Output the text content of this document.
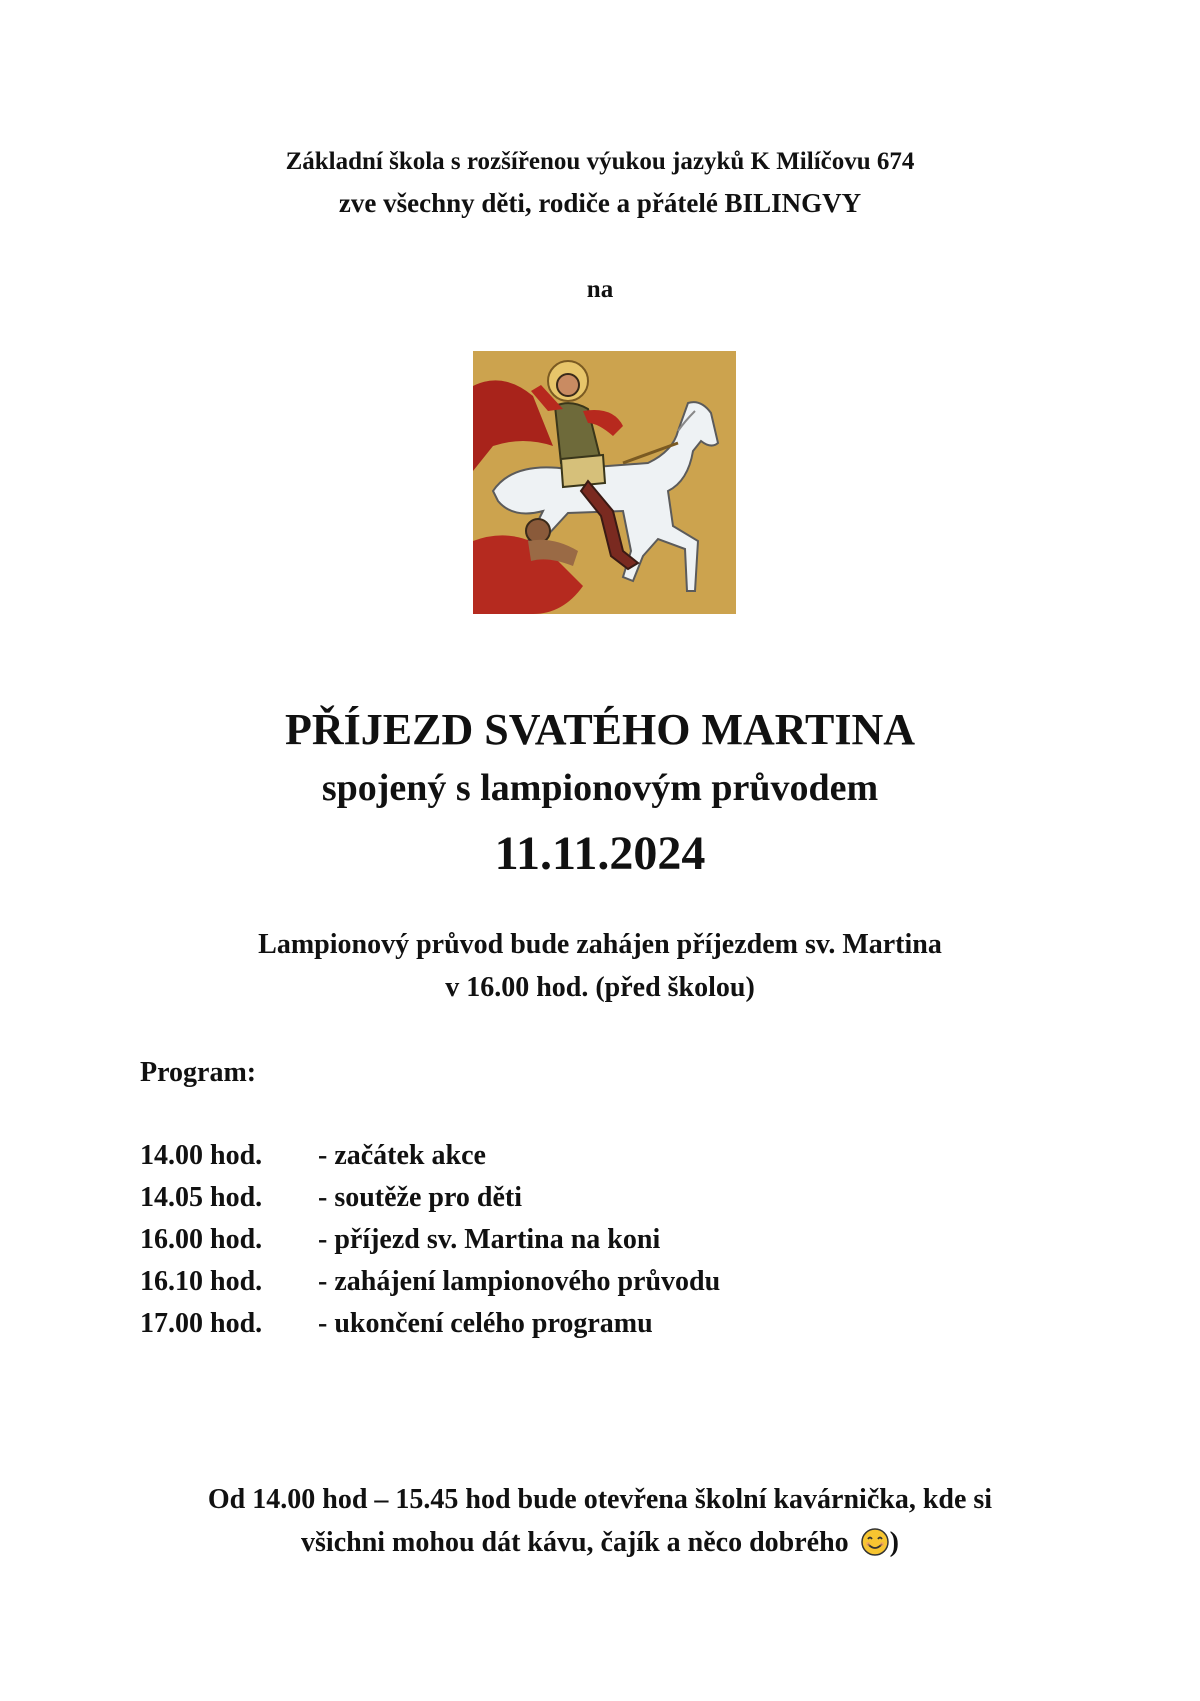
Základní škola s rozšířenou výukou jazyků K Milíčovu 674
zve všechny děti, rodiče a přátelé BILINGVY
na
PŘÍJEZD SVATÉHO MARTINA
spojený s lampionovým průvodem
11.11.2024
Lampionový průvod bude zahájen příjezdem sv. Martina
v 16.00 hod. (před školou)
Program:
14.00 hod. - začátek akce
14.05 hod. - soutěže pro děti
16.00 hod. - příjezd sv. Martina na koni
16.10 hod. - zahájení lampionového průvodu
17.00 hod. - ukončení celého programu
Od 14.00 hod – 15.45 hod bude otevřena školní kavárnička, kde si
všichni mohou dát kávu, čajík a něco dobrého )
